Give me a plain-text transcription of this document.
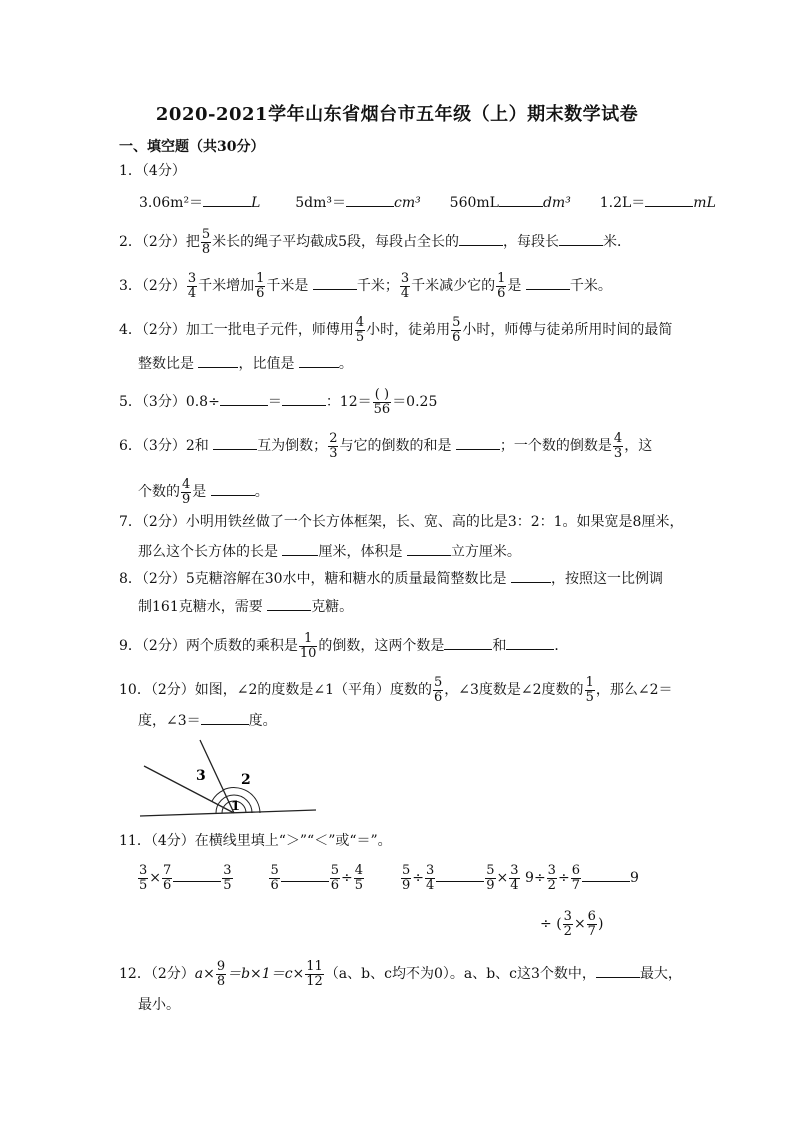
2020-2021学年山东省烟台市五年级（上）期末数学试卷
一、填空题（共30分）
1．（4分）
3.06m²＝	L 5dm³＝	cm³ 560mL	dm³ 1.2L＝	mL
2．（2分）把 $\frac{5}{8}$ 米长的绳子平均截成5段，每段占全长的	，每段长	米．
3．（2分） $\frac{3}{4}$ 千米增加 $\frac{1}{6}$ 千米是	千米； $\frac{3}{4}$ 千米减少它的 $\frac{1}{6}$ 是	千米。
4．（2分）加工一批电子元件，师傅用 $\frac{4}{5}$ 小时，徒弟用 $\frac{5}{6}$ 小时，师傅与徒弟所用时间的最简
整数比是	，比值是	。
5．（3分）0.8÷	＝	：$12= \frac{( )}{56} =0.25$
6．（3分）2和	互为倒数； $\frac{2}{3}$ 与它的倒数的和是	；一个数的倒数是 $\frac{4}{3}$ ，这
个数的 $\frac{4}{9}$ 是	。
7．（2分）小明用铁丝做了一个长方体框架，长、宽、高的比是3：2：1。如果宽是8厘米，
那么这个长方体的长是	厘米，体积是	立方厘米。
8．（2分）5克糖溶解在30水中，糖和糖水的质量最简整数比是	，按照这一比例调
制161克糖水，需要	克糖。
9．（2分）两个质数的乘积是 $\frac{1}{10}$ 的倒数，这两个数是	和	．
10．（2分）如图，∠2的度数是∠1（平角）度数的 $\frac{5}{6}$ ，∠3度数是∠2度数的 $\frac{1}{5}$ ，那么∠2＝
度，∠3＝	度。
3	2
1
11．（4分）在横线里填上“＞”“＜”或“＝”。
$\frac{3}{5} \times \frac{7}{6}$	$\frac{3}{5}$
	$\frac{5}{6}$	$\frac{5}{6} \div \frac{4}{5}$
	$\frac{5}{9} \div \frac{3}{4}$	$\frac{5}{9} \times \frac{3}{4} 9\div \frac{3}{2} \div \frac{6}{7}$	9
÷ ( $\frac{3}{2} \times \frac{6}{7}$ )
12．（2分）$a\times \frac{9}{8} =b\times 1=c\times \frac{11}{12} (a$、b、c均不为0）。a、b、c这3个数中，	最大，
最小。
